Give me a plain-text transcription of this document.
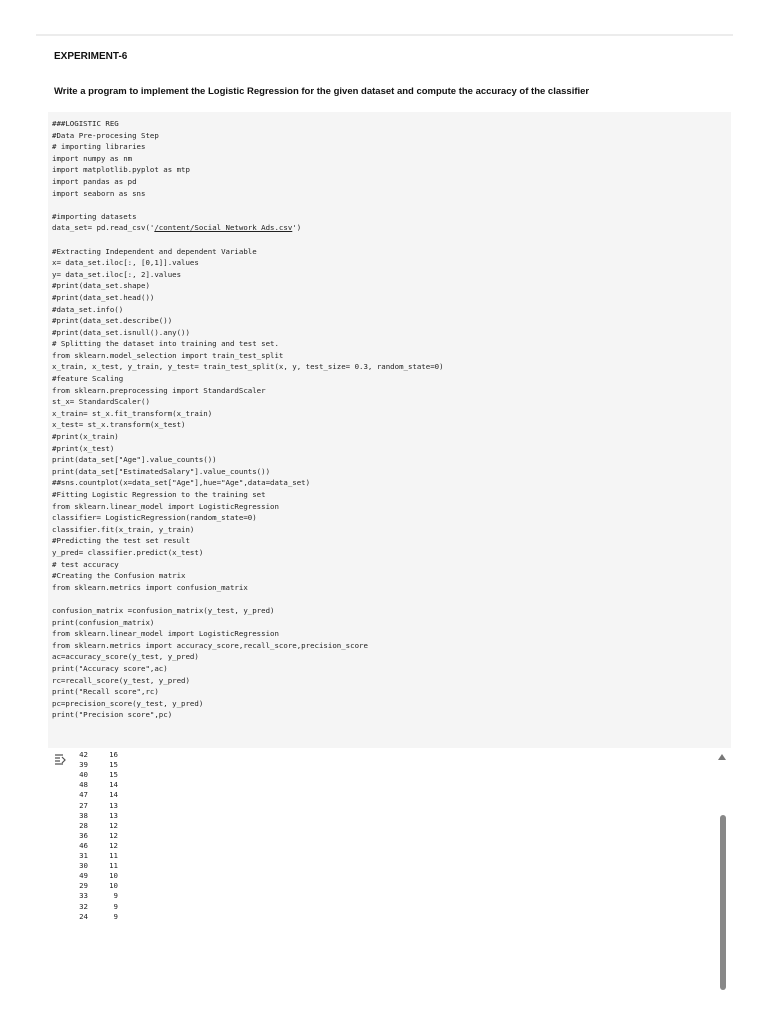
EXPERIMENT-6
Write a program to implement the Logistic Regression for the given dataset and compute the accuracy of the classifier
###LOGISTIC REG
#Data Pre-procesing Step
# importing libraries
import numpy as nm
import matplotlib.pyplot as mtp
import pandas as pd
import seaborn as sns

#importing datasets
data_set= pd.read_csv('/content/Social_Network_Ads.csv')

#Extracting Independent and dependent Variable
x= data_set.iloc[:, [0,1]].values
y= data_set.iloc[:, 2].values
#print(data_set.shape)
#print(data_set.head())
#data_set.info()
#print(data_set.describe())
#print(data_set.isnull().any())
# Splitting the dataset into training and test set.
from sklearn.model_selection import train_test_split
x_train, x_test, y_train, y_test= train_test_split(x, y, test_size= 0.3, random_state=0)
#feature Scaling
from sklearn.preprocessing import StandardScaler
st_x= StandardScaler()
x_train= st_x.fit_transform(x_train)
x_test= st_x.transform(x_test)
#print(x_train)
#print(x_test)
print(data_set["Age"].value_counts())
print(data_set["EstimatedSalary"].value_counts())
##sns.countplot(x=data_set["Age"],hue="Age",data=data_set)
#Fitting Logistic Regression to the training set
from sklearn.linear_model import LogisticRegression
classifier= LogisticRegression(random_state=0)
classifier.fit(x_train, y_train)
#Predicting the test set result
y_pred= classifier.predict(x_test)
# test accuracy
#Creating the Confusion matrix
from sklearn.metrics import confusion_matrix

confusion_matrix =confusion_matrix(y_test, y_pred)
print(confusion_matrix)
from sklearn.linear_model import LogisticRegression
from sklearn.metrics import accuracy_score,recall_score,precision_score
ac=accuracy_score(y_test, y_pred)
print("Accuracy score",ac)
rc=recall_score(y_test, y_pred)
print("Recall score",rc)
pc=precision_score(y_test, y_pred)
print("Precision score",pc)

42	16
39	15
40	15
48	14
47	14
27	13
38	13
28	12
36	12
46	12
31	11
30	11
49	10
29	10
33	9
32	9
24	9
